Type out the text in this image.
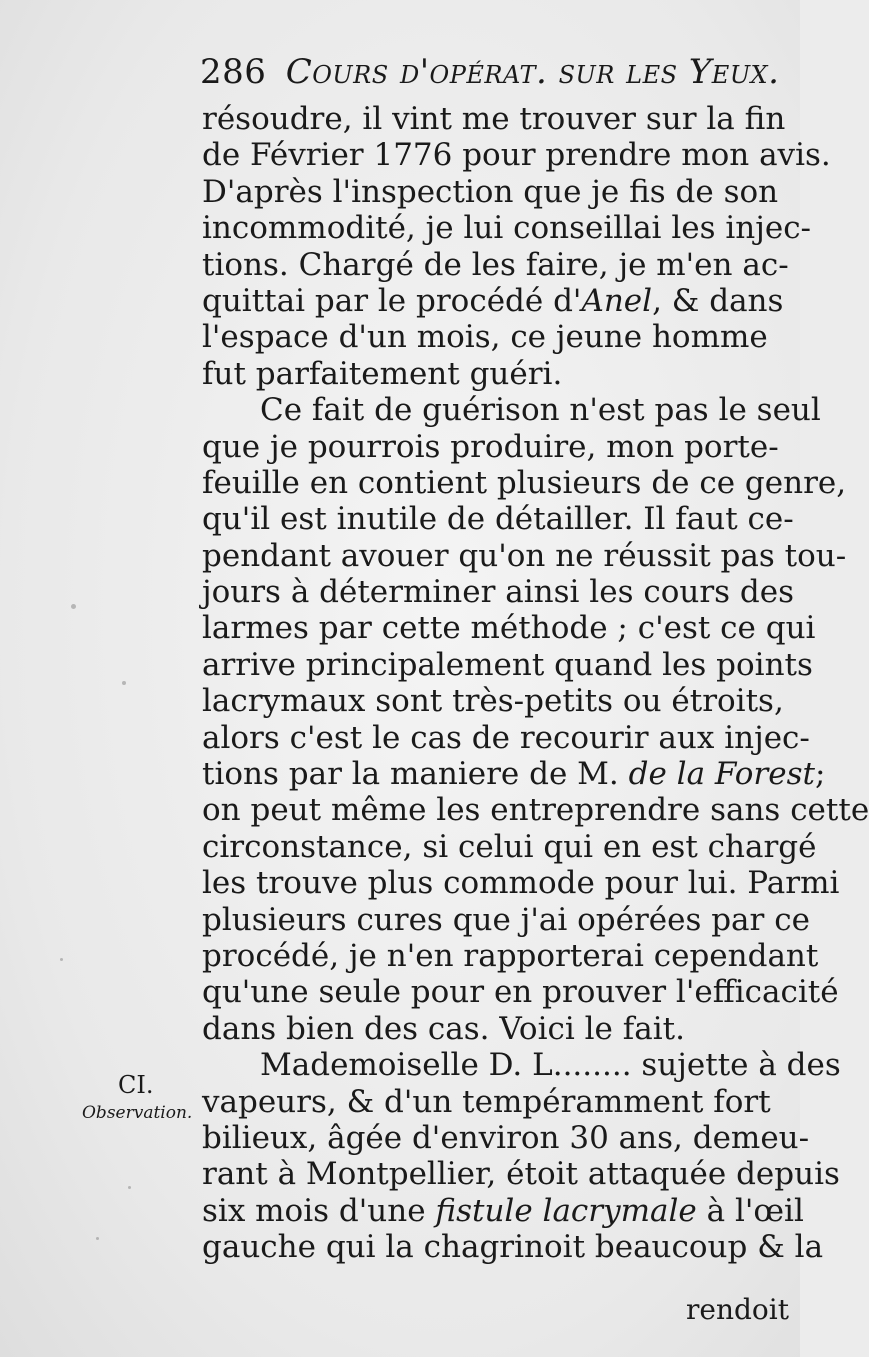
286 Cours d'opérat. sur les Yeux.
résoudre, il vint me trouver sur la fin
de Février 1776 pour prendre mon avis.
D'après l'inspection que je fis de son
incommodité, je lui conseillai les injec-
tions. Chargé de les faire, je m'en ac-
quittai par le procédé d'Anel, & dans
l'espace d'un mois, ce jeune homme
fut parfaitement guéri.
Ce fait de guérison n'est pas le seul
que je pourrois produire, mon porte-
feuille en contient plusieurs de ce genre,
qu'il est inutile de détailler. Il faut ce-
pendant avouer qu'on ne réussit pas tou-
jours à déterminer ainsi les cours des
larmes par cette méthode ; c'est ce qui
arrive principalement quand les points
lacrymaux sont très-petits ou étroits,
alors c'est le cas de recourir aux injec-
tions par la maniere de M. de la Forest;
on peut même les entreprendre sans cette
circonstance, si celui qui en est chargé
les trouve plus commode pour lui. Parmi
plusieurs cures que j'ai opérées par ce
procédé, je n'en rapporterai cependant
qu'une seule pour en prouver l'efficacité
dans bien des cas. Voici le fait.
Mademoiselle D. L........ sujette à des
vapeurs, & d'un tempéramment fort
bilieux, âgée d'environ 30 ans, demeu-
rant à Montpellier, étoit attaquée depuis
six mois d'une fistule lacrymale à l'œil
gauche qui la chagrinoit beaucoup & la
CI.
Observation.
rendoit
